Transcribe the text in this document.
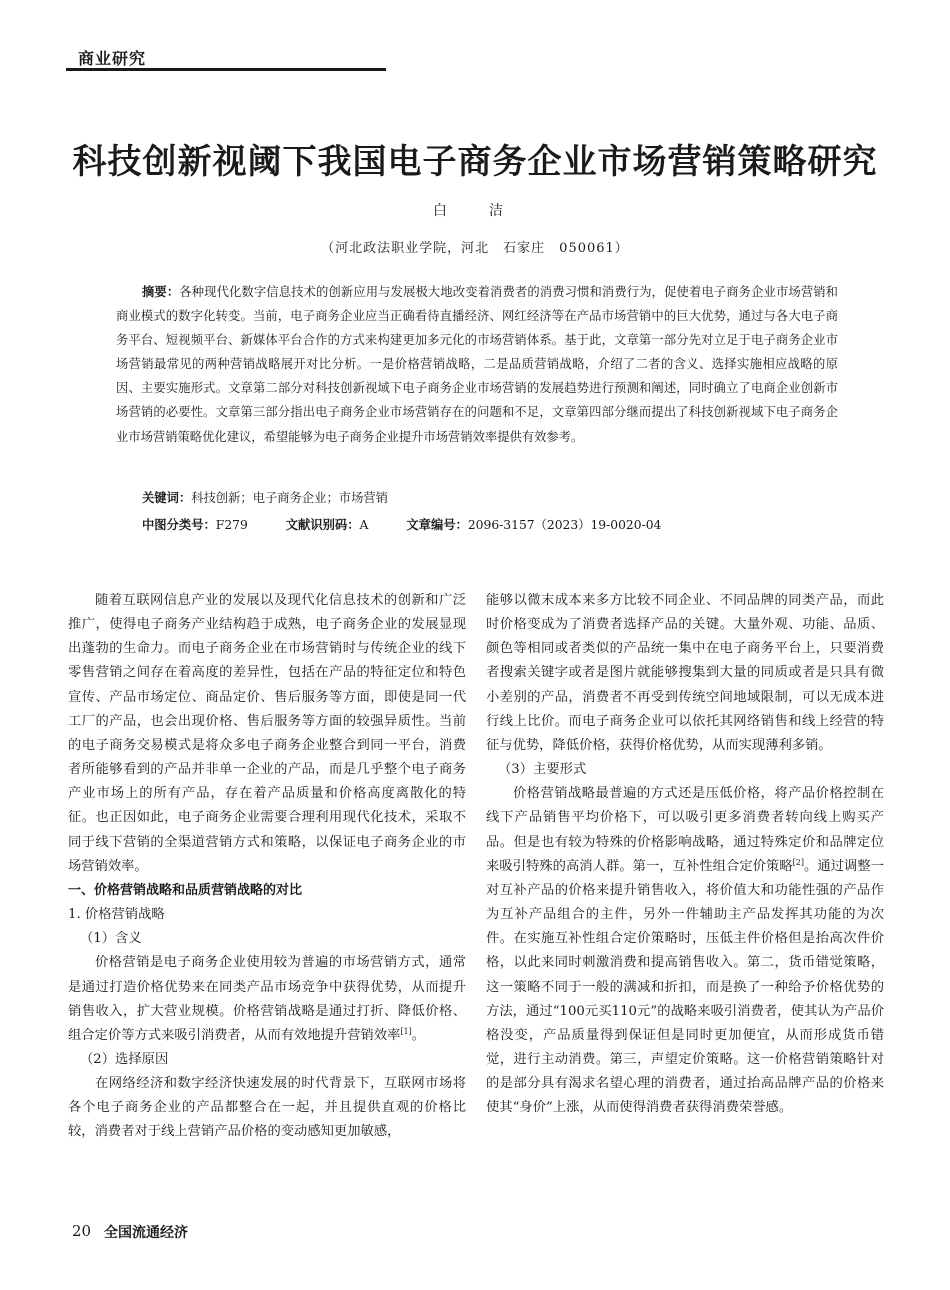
商业研究
科技创新视阈下我国电子商务企业市场营销策略研究
白　洁
（河北政法职业学院，河北　石家庄　050061）

摘要：各种现代化数字信息技术的创新应用与发展极大地改变着消费者的消费习惯和消费行为，促使着电子商务企业市场营销和商业模式的数字化转变。当前，电子商务企业应当正确看待直播经济、网红经济等在产品市场营销中的巨大优势，通过与各大电子商务平台、短视频平台、新媒体平台合作的方式来构建更加多元化的市场营销体系。基于此，文章第一部分先对立足于电子商务企业市场营销最常见的两种营销战略展开对比分析。一是价格营销战略，二是品质营销战略，介绍了二者的含义、选择实施相应战略的原因、主要实施形式。文章第二部分对科技创新视域下电子商务企业市场营销的发展趋势进行预测和阐述，同时确立了电商企业创新市场营销的必要性。文章第三部分指出电子商务企业市场营销存在的问题和不足，文章第四部分继而提出了科技创新视域下电子商务企业市场营销策略优化建议，希望能够为电子商务企业提升市场营销效率提供有效参考。

关键词：科技创新；电子商务企业；市场营销
中图分类号：F279	文献识别码：A	文章编号：2096-3157（2023）19-0020-04

随着互联网信息产业的发展以及现代化信息技术的创新和广泛推广，使得电子商务产业结构趋于成熟，电子商务企业的发展显现出蓬勃的生命力。而电子商务企业在市场营销时与传统企业的线下零售营销之间存在着高度的差异性，包括在产品的特征定位和特色宣传、产品市场定位、商品定价、售后服务等方面，即使是同一代工厂的产品，也会出现价格、售后服务等方面的较强异质性。当前的电子商务交易模式是将众多电子商务企业整合到同一平台，消费者所能够看到的产品并非单一企业的产品，而是几乎整个电子商务产业市场上的所有产品，存在着产品质量和价格高度离散化的特征。也正因如此，电子商务企业需要合理利用现代化技术，采取不同于线下营销的全渠道营销方式和策略，以保证电子商务企业的市场营销效率。

一、价格营销战略和品质营销战略的对比

1. 价格营销战略

（1）含义

价格营销是电子商务企业使用较为普遍的市场营销方式，通常是通过打造价格优势来在同类产品市场竞争中获得优势，从而提升销售收入，扩大营业规模。价格营销战略是通过打折、降低价格、组合定价等方式来吸引消费者，从而有效地提升营销效率[1]。

（2）选择原因

在网络经济和数字经济快速发展的时代背景下，互联网市场将各个电子商务企业的产品都整合在一起，并且提供直观的价格比较，消费者对于线上营销产品价格的变动感知更加敏感，

能够以微末成本来多方比较不同企业、不同品牌的同类产品，而此时价格变成为了消费者选择产品的关键。大量外观、功能、品质、颜色等相同或者类似的产品统一集中在电子商务平台上，只要消费者搜索关键字或者是图片就能够搜集到大量的同质或者是只具有微小差别的产品，消费者不再受到传统空间地域限制，可以无成本进行线上比价。而电子商务企业可以依托其网络销售和线上经营的特征与优势，降低价格，获得价格优势，从而实现薄利多销。

（3）主要形式

价格营销战略最普遍的方式还是压低价格，将产品价格控制在线下产品销售平均价格下，可以吸引更多消费者转向线上购买产品。但是也有较为特殊的价格影响战略，通过特殊定价和品牌定位来吸引特殊的高消人群。第一，互补性组合定价策略[2]。通过调整一对互补产品的价格来提升销售收入，将价值大和功能性强的产品作为互补产品组合的主件，另外一件辅助主产品发挥其功能的为次件。在实施互补性组合定价策略时，压低主件价格但是抬高次件价格，以此来同时刺激消费和提高销售收入。第二，货币错觉策略，这一策略不同于一般的满减和折扣，而是换了一种给予价格优势的方法，通过“100元买110元”的战略来吸引消费者，使其认为产品价格没变，产品质量得到保证但是同时更加便宜，从而形成货币错觉，进行主动消费。第三，声望定价策略。这一价格营销策略针对的是部分具有渴求名望心理的消费者，通过抬高品牌产品的价格来使其“身价”上涨，从而使得消费者获得消费荣誉感。

20 全国流通经济
